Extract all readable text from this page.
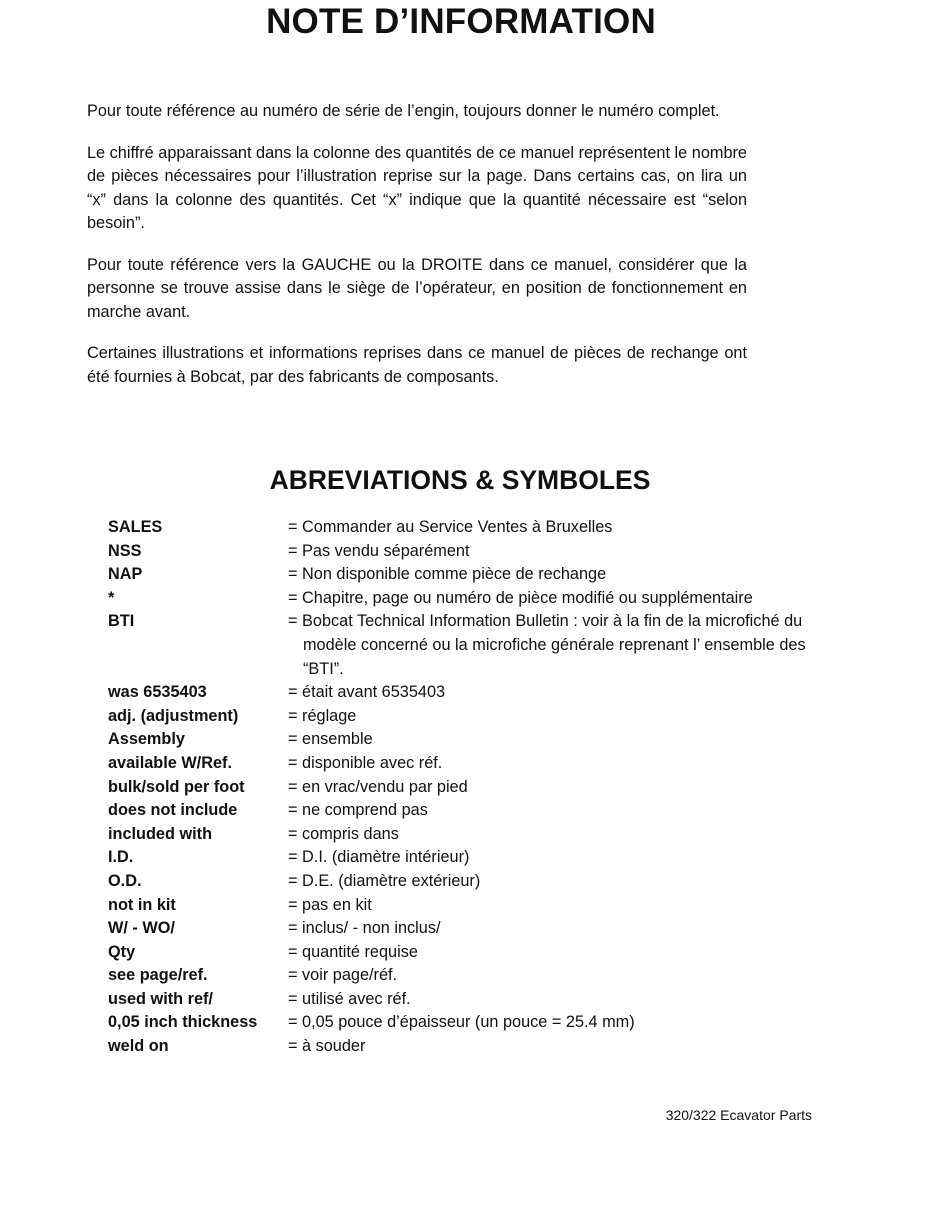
NOTE D’INFORMATION

Pour toute référence au numéro de série de l’engin, toujours donner le numéro complet.

Le chiffré apparaissant dans la colonne des quantités de ce manuel représentent le nombre de pièces nécessaires pour l’illustration reprise sur la page. Dans certains cas, on lira un “x” dans la colonne des quantités. Cet “x” indique que la quantité nécessaire est “selon besoin”.

Pour toute référence vers la GAUCHE ou la DROITE dans ce manuel, considérer que la personne se trouve assise dans le siège de l’opérateur, en position de fonctionnement en marche avant.

Certaines illustrations et informations reprises dans ce manuel de pièces de rechange ont été fournies à Bobcat, par des fabricants de composants.

ABREVIATIONS & SYMBOLES
SALES	= Commander au Service Ventes à Bruxelles
NSS	= Pas vendu séparément
NAP	= Non disponible comme pièce de rechange
*	= Chapitre, page ou numéro de pièce modifié ou supplémentaire
BTI	= Bobcat Technical Information Bulletin : voir à la fin de la microfiché du modèle concerné ou la microfiche générale reprenant l’ ensemble des “BTI”.
was 6535403	= était avant 6535403
adj. (adjustment)	= réglage
Assembly	= ensemble
available W/Ref.	= disponible avec réf.
bulk/sold per foot	= en vrac/vendu par pied
does not include	= ne comprend pas
included with	= compris dans
I.D.	= D.I. (diamètre intérieur)
O.D.	= D.E. (diamètre extérieur)
not in kit	= pas en kit
W/ - WO/	= inclus/ - non inclus/
Qty	= quantité requise
see page/ref.	= voir page/réf.
used with ref/	= utilisé avec réf.
0,05 inch thickness	= 0,05 pouce d’épaisseur (un pouce = 25.4 mm)
weld on	= à souder
320/322 Ecavator Parts
